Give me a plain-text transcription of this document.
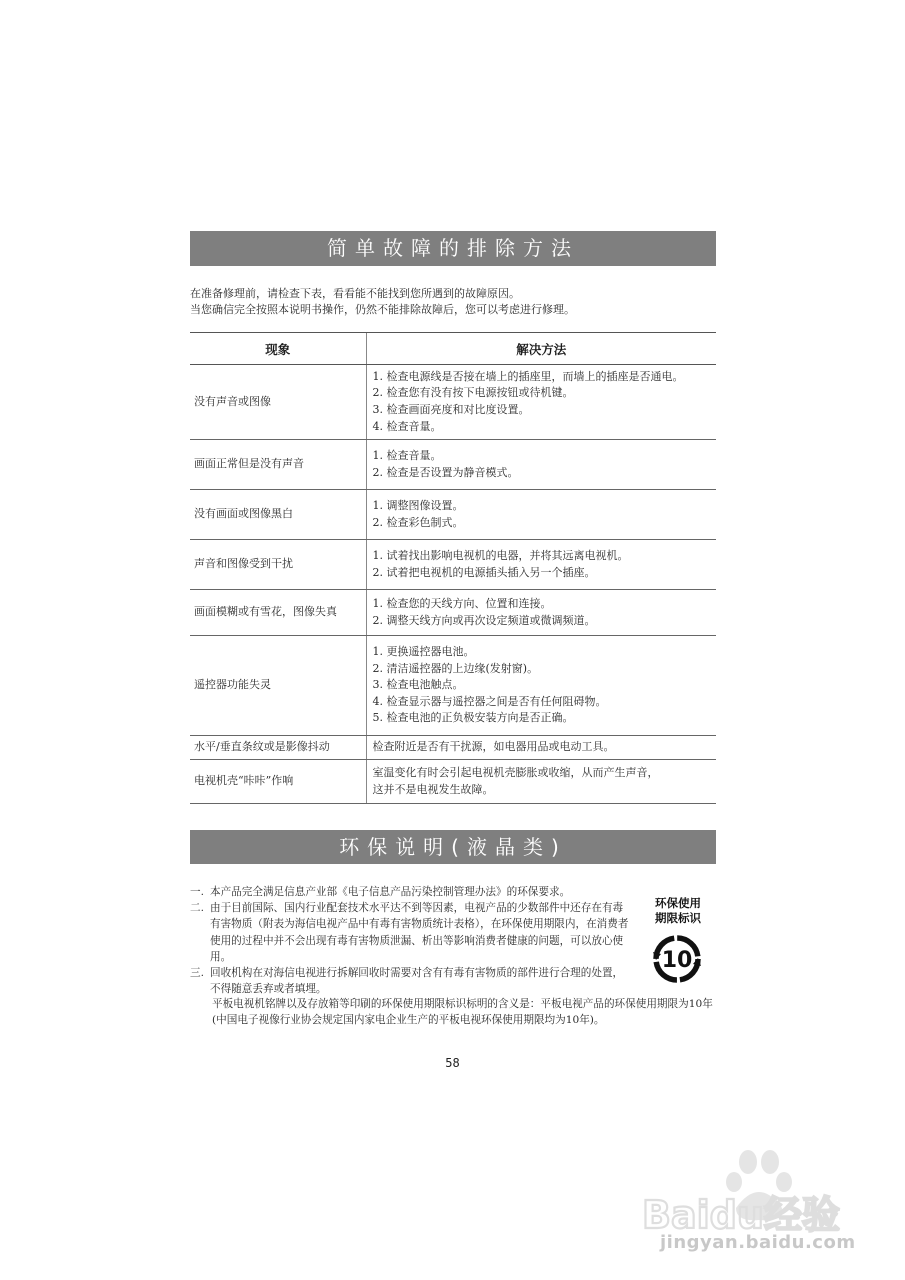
简单故障的排除方法
在准备修理前，请检查下表，看看能不能找到您所遇到的故障原因。
当您确信完全按照本说明书操作，仍然不能排除故障后，您可以考虑进行修理。
现象	解决方法
没有声音或图像	1. 检查电源线是否接在墙上的插座里，而墙上的插座是否通电。
2. 检查您有没有按下电源按钮或待机键。
3. 检查画面亮度和对比度设置。
4. 检查音量。

画面正常但是没有声音	1. 检查音量。
2. 检查是否设置为静音模式。

没有画面或图像黑白	1. 调整图像设置。
2. 检查彩色制式。

声音和图像受到干扰	1. 试着找出影响电视机的电器，并将其远离电视机。
2. 试着把电视机的电源插头插入另一个插座。

画面模糊或有雪花，图像失真	1. 检查您的天线方向、位置和连接。
2. 调整天线方向或再次设定频道或微调频道。

遥控器功能失灵	1. 更换遥控器电池。
2. 清洁遥控器的上边缘(发射窗)。
3. 检查电池触点。
4. 检查显示器与遥控器之间是否有任何阻碍物。
5. 检查电池的正负极安装方向是否正确。

水平/垂直条纹或是影像抖动	检查附近是否有干扰源，如电器用品或电动工具。

电视机壳“咔咔”作响	室温变化有时会引起电视机壳膨胀或收缩，从而产生声音，
这并不是电视发生故障。
环保说明(液晶类)
一. 本产品完全满足信息产业部《电子信息产品污染控制管理办法》的环保要求。
二. 由于目前国际、国内行业配套技术水平达不到等因素，电视产品的少数部件中还存在有毒有害物质（附表为海信电视产品中有毒有害物质统计表格），在环保使用期限内，在消费者使用的过程中并不会出现有毒有害物质泄漏、析出等影响消费者健康的问题，可以放心使用。
三. 回收机构在对海信电视进行拆解回收时需要对含有有毒有害物质的部件进行合理的处置，不得随意丢弃或者填埋。
环保使用
期限标识
10

平板电视机铭牌以及存放箱等印刷的环保使用期限标识标明的含义是：平板电视产品的环保使用期限为10年(中国电子视像行业协会规定国内家电企业生产的平板电视环保使用期限均为10年)。

58
Baidu经验
jingyan.baidu.com
